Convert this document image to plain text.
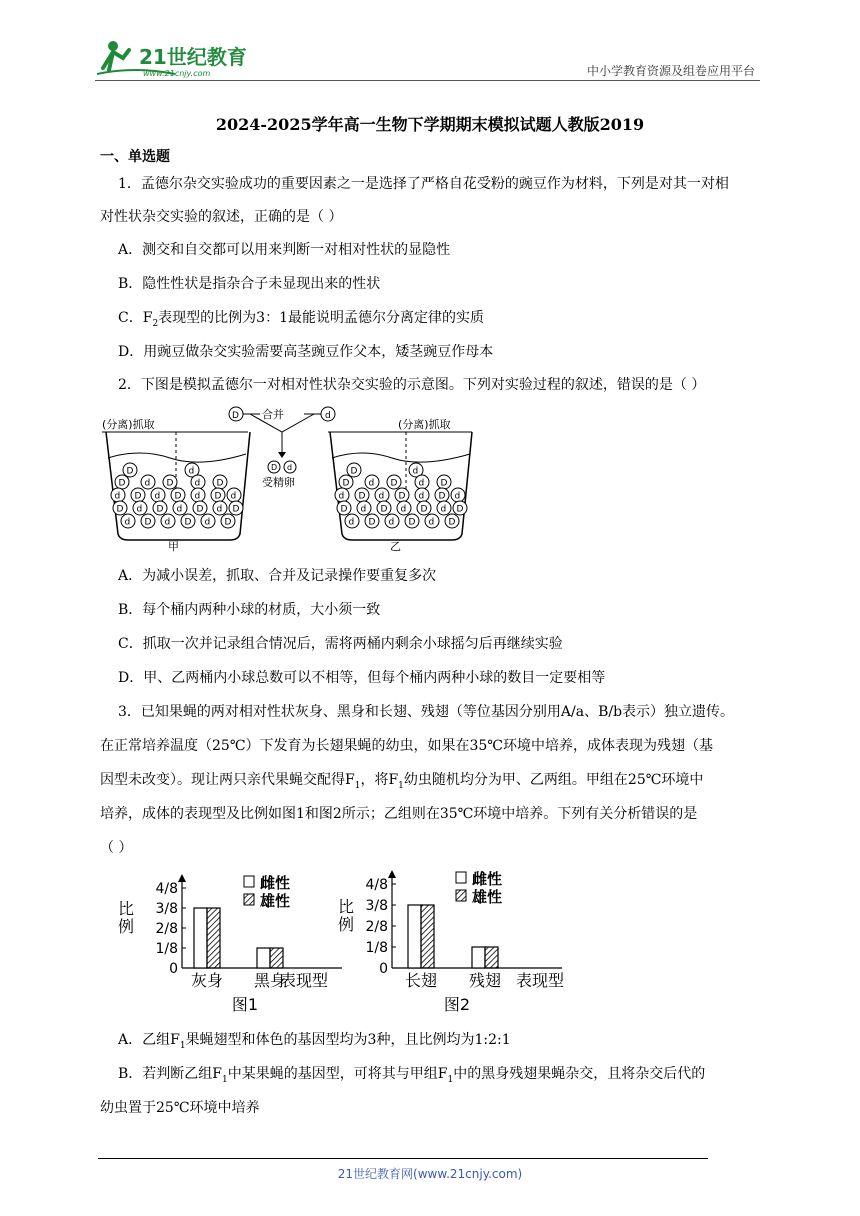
21世纪教育
www.21cnjy.com	中小学教育资源及组卷应用平台
2024-2025学年高一生物下学期期末模拟试题人教版2019
一、单选题
1．孟德尔杂交实验成功的重要因素之一是选择了严格自花受粉的豌豆作为材料，下列是对其一对相
对性状杂交实验的叙述，正确的是（ ）
A．测交和自交都可以用来判断一对相对性状的显隐性
B．隐性性状是指杂合子未显现出来的性状
C．$F_2$表现型的比例为3：1最能说明孟德尔分离定律的实质
D．用豌豆做杂交实验需要高茎豌豆作父本，矮茎豌豆作母本
2．下图是模拟孟德尔一对相对性状杂交实验的示意图。下列对实验过程的叙述，错误的是（ ）
(分离)抓取
D	d
D d D d D
d D d D d D d
D d D d D d D
d D d D d D
甲
(分离)抓取
D	d
D d D d D
d D d D d D d
D d D d D d D
d D d D d D
乙
D	d
合并
D d
受精卵
A．为减小误差，抓取、合并及记录操作要重复多次
B．每个桶内两种小球的材质，大小须一致
C．抓取一次并记录组合情况后，需将两桶内剩余小球摇匀后再继续实验
D．甲、乙两桶内小球总数可以不相等，但每个桶内两种小球的数目一定要相等
3．已知果蝇的两对相对性状灰身、黑身和长翅、残翅（等位基因分别用A/a、B/b表示）独立遗传。
在正常培养温度（25℃）下发育为长翅果蝇的幼虫，如果在35℃环境中培养，成体表现为残翅（基
因型未改变）。现让两只亲代果蝇交配得$F_1$，将$F_1$幼虫随机均分为甲、乙两组。甲组在25℃环境中
培养，成体的表现型及比例如图1和图2所示；乙组则在35℃环境中培养。下列有关分析错误的是
（ ）
0
1/8
2/8
3/8
4/8
比例
灰身 黑身
表现型
雌性
雄性
图1
0
1/8
2/8
3/8
4/8
比例
长翅 残翅 表现型
雌性
雄性
图2
A．乙组$F_1$果蝇翅型和体色的基因型均为3种，且比例均为1:2:1
B．若判断乙组$F_1$中某果蝇的基因型，可将其与甲组$F_1$中的黑身残翅果蝇杂交，且将杂交后代的
幼虫置于25℃环境中培养
21世纪教育网(www.21cnjy.com)
